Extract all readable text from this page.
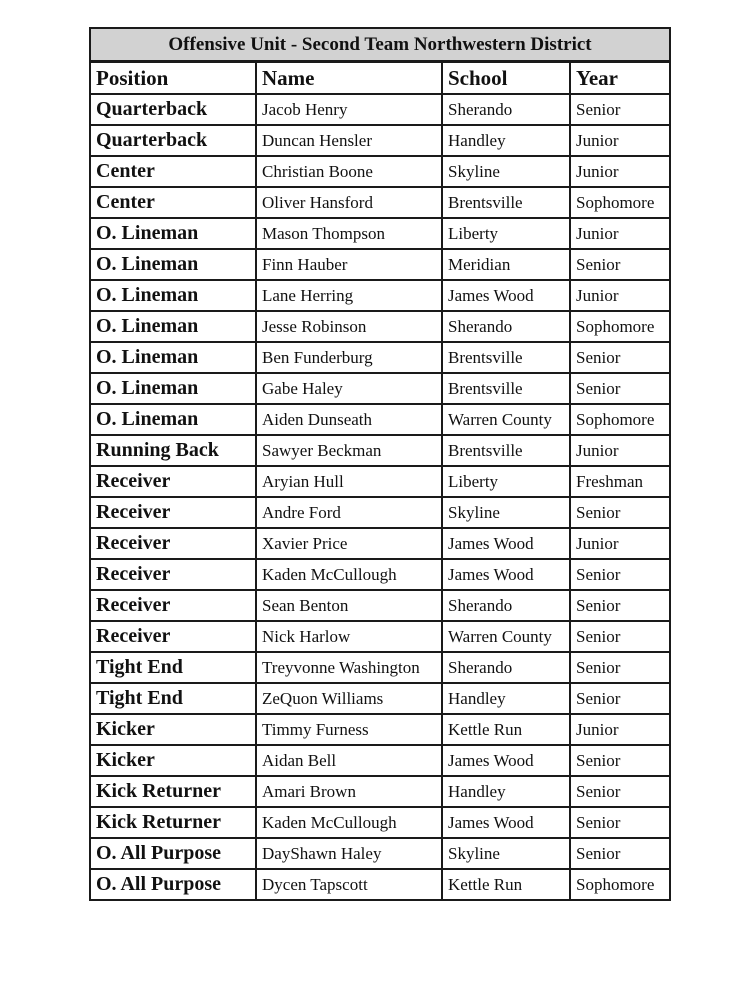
Offensive Unit - Second Team Northwestern District			
Position	Name	School	Year
Quarterback	Jacob Henry	Sherando	Senior
Quarterback	Duncan Hensler	Handley	Junior
Center	Christian Boone	Skyline	Junior
Center	Oliver Hansford	Brentsville	Sophomore
O. Lineman	Mason Thompson	Liberty	Junior
O. Lineman	Finn Hauber	Meridian	Senior
O. Lineman	Lane Herring	James Wood	Junior
O. Lineman	Jesse Robinson	Sherando	Sophomore
O. Lineman	Ben Funderburg	Brentsville	Senior
O. Lineman	Gabe Haley	Brentsville	Senior
O. Lineman	Aiden Dunseath	Warren County	Sophomore
Running Back	Sawyer Beckman	Brentsville	Junior
Receiver	Aryian Hull	Liberty	Freshman
Receiver	Andre Ford	Skyline	Senior
Receiver	Xavier Price	James Wood	Junior
Receiver	Kaden McCullough	James Wood	Senior
Receiver	Sean Benton	Sherando	Senior
Receiver	Nick Harlow	Warren County	Senior
Tight End	Treyvonne Washington	Sherando	Senior
Tight End	ZeQuon Williams	Handley	Senior
Kicker	Timmy Furness	Kettle Run	Junior
Kicker	Aidan Bell	James Wood	Senior
Kick Returner	Amari Brown	Handley	Senior
Kick Returner	Kaden McCullough	James Wood	Senior
O. All Purpose	DayShawn Haley	Skyline	Senior
O. All Purpose	Dycen Tapscott	Kettle Run	Sophomore
